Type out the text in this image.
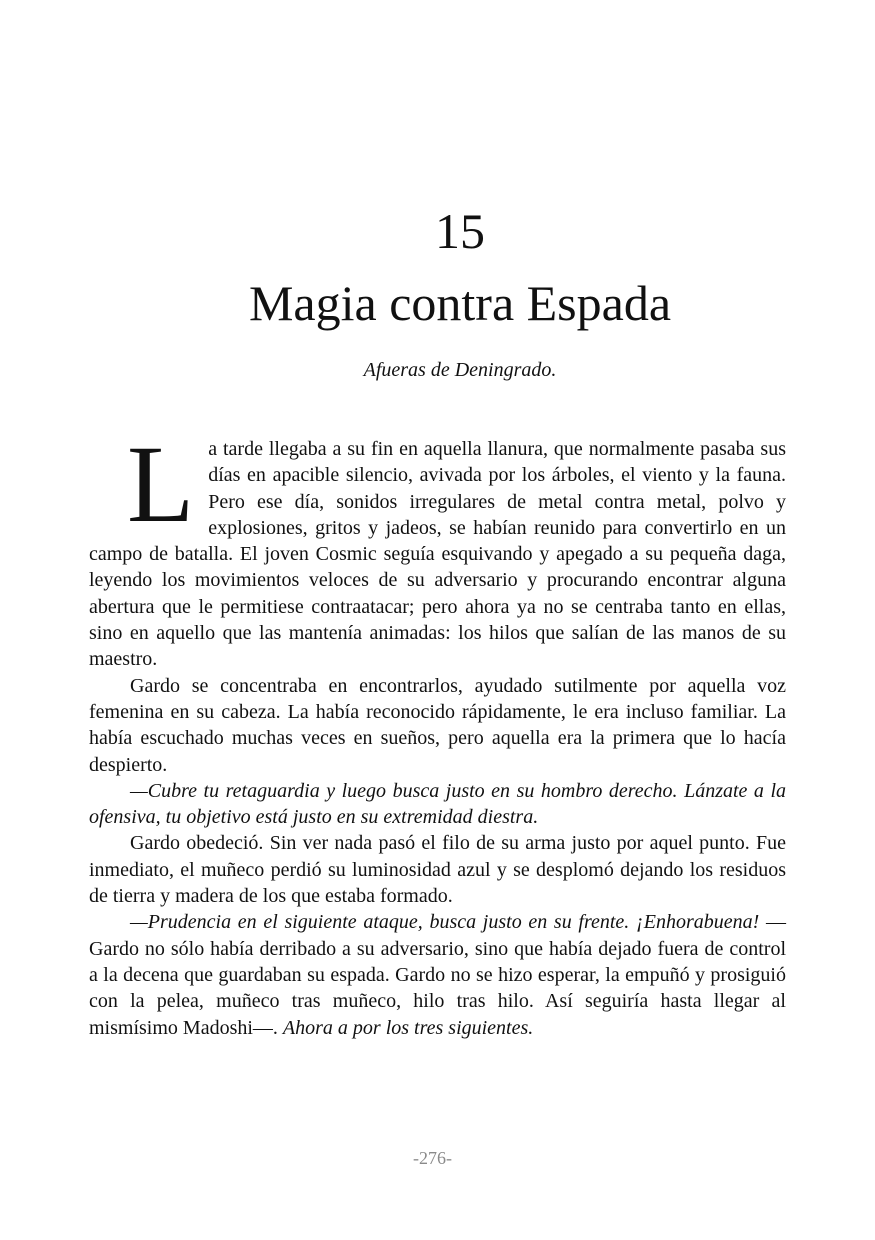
15
Magia contra Espada
Afueras de Deningrado.

La tarde llegaba a su fin en aquella llanura, que normalmente pasaba sus días en apacible silencio, avivada por los árboles, el viento y la fauna. Pero ese día, sonidos irregulares de metal contra metal, polvo y explosiones, gritos y jadeos, se habían reunido para convertirlo en un campo de batalla. El joven Cosmic seguía esquivando y apegado a su pequeña daga, leyendo los movimientos veloces de su adversario y procurando encontrar alguna abertura que le permitiese contraatacar; pero ahora ya no se centraba tanto en ellas, sino en aquello que las mantenía animadas: los hilos que salían de las manos de su maestro.

Gardo se concentraba en encontrarlos, ayudado sutilmente por aquella voz femenina en su cabeza. La había reconocido rápidamente, le era incluso familiar. La había escuchado muchas veces en sueños, pero aquella era la primera que lo hacía despierto.

—Cubre tu retaguardia y luego busca justo en su hombro derecho. Lánzate a la ofensiva, tu objetivo está justo en su extremidad diestra.

Gardo obedeció. Sin ver nada pasó el filo de su arma justo por aquel punto. Fue inmediato, el muñeco perdió su luminosidad azul y se desplomó dejando los residuos de tierra y madera de los que estaba formado.

—Prudencia en el siguiente ataque, busca justo en su frente. ¡Enhorabuena! —Gardo no sólo había derribado a su adversario, sino que había dejado fuera de control a la decena que guardaban su espada. Gardo no se hizo esperar, la empuñó y prosiguió con la pelea, muñeco tras muñeco, hilo tras hilo. Así seguiría hasta llegar al mismísimo Madoshi—. Ahora a por los tres siguientes.

-276-
